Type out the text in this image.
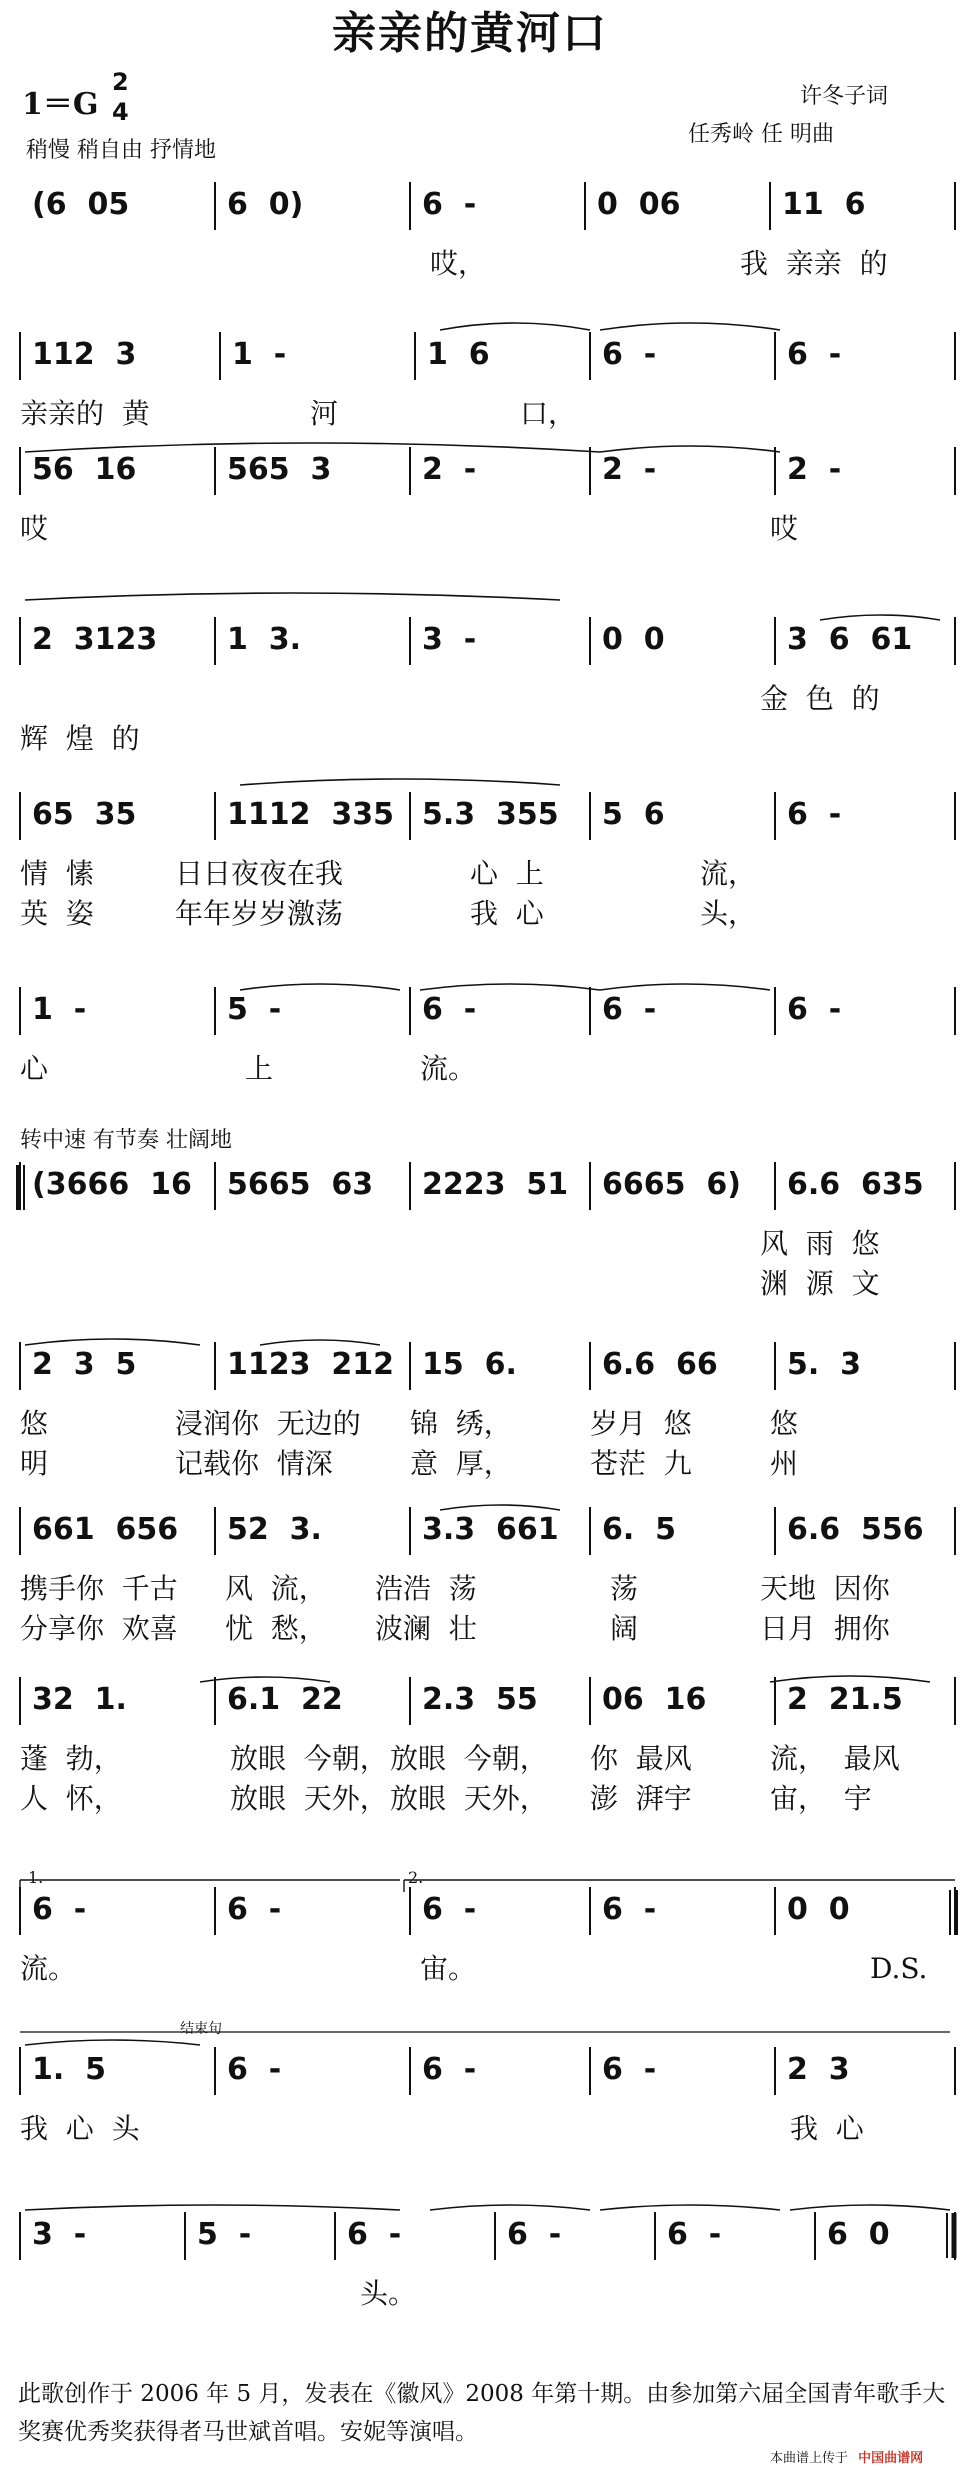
亲亲的黄河口
1＝G
2
4
许冬子词
任秀岭 任 明曲
稍慢 稍自由 抒情地
转中速 有节奏 壮阔地
(6  05	6  0)	6  -	0  06	11  6
哎，	我  亲亲  的
112  3	1  -	1  6	6  -	6  -
亲亲的  黄	河	口，
56  16	565  3	2  -	2  -	2  -
哎	哎
2  3123	1  3.	3  -	0  0	3  6  61
金  色  的
辉  煌  的
65  35	1112  335 5.3  355	5  6	6  -
情  愫	日日夜夜在我	心  上	流，
英  姿	年年岁岁激荡	我  心	头，
1  -	5  -	6  -	6  -	6  -
心	上	流。
(3666  16	5665  63	2223  51	6665  6)	6.6  635
风  雨  悠
渊  源  文
2  3  5	1123  212 15  6.	6.6  66	5.  3
悠	浸润你  无边的 锦  绣，	岁月  悠	悠
明	记载你  情深	意  厚，	苍茫  九	州
661  656	52  3.	3.3  661	6.  5	6.6  556
携手你  千古 风  流， 浩浩  荡	荡	天地  因你
分享你  欢喜 忧  愁， 波澜  壮	阔	日月  拥你
32  1.	6.1  22	2.3  55	06  16	2  21.5
蓬  勃，	放眼  今朝， 放眼  今朝， 你  最风	流，  最风
人  怀，	放眼  天外， 放眼  天外， 澎  湃宇	宙，  宇
6  -	6  -	6  -	6  -	0  0
流。	宙。	D.S.
1.  5	6  -	6  -	6  -	2  3
我  心  头	我  心
3  -	5  -	6  -	6  -	6  -	6  0
头。
1.	2.
结束句
此歌创作于 2006 年 5 月，发表在《徽风》2008 年第十期。由参加第六届全国青年歌手大奖赛优秀奖获得者马世斌首唱。安妮等演唱。
本曲谱上传于 中国曲谱网
